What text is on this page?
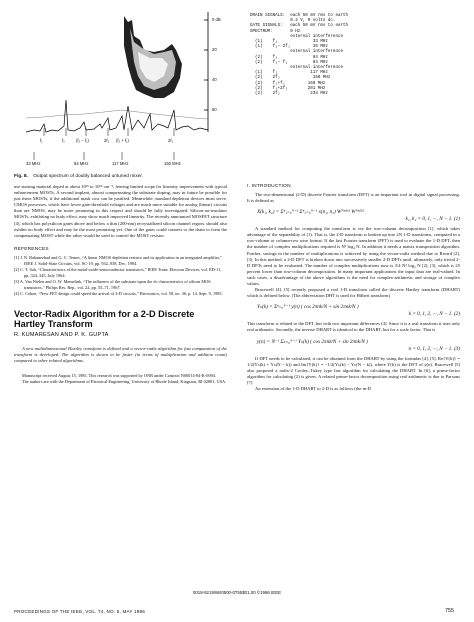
0 dB
20
40
60
f₁	f₂	(f₂ − f₁)	2f₂ (f₂ + f₁)	2f₁
33 MHz	84 MHz	117 MHz	150 MHz
DRAIN SIGNALS:  each 50 mV rms to earth
0.4 V, 0 volts dc.
GATE SIGNALS:   each 50 mV rms to earth
SPECTRUM:       0 Hz
external interference
(1)    f₁              33 MHz
(1)    f₂− 2f₁         35 MHz
external interference
(2)    f₂              84 MHz
(2)    f₂− f₁          84 MHz
external interference
(1)    f₂             117 MHz
(2)    2f₂             150 MHz
(2)    f₂+f₁         168 MHz
(2)    f₁+2f₂        201 MHz
(2)    2f₂            234 MHz
Fig. 8. Output spectrum of doubly balanced untuned mixer.

use starting material doped at about 10¹⁵ to 10¹⁶ cm⁻³, leaving limited scope for linearity improvement with typical enhancement MOSTs. A second implant, almost compensating the substrate doping, may in future be possible for just these MOSTs, if the additional mask cost can be justified. Meanwhile, standard depletion devices must serve. CMOS processes, which have lower gate-threshold voltages and are much more suitable for analog (linear) circuits than are NMOS, may be more promising in this respect and should be fully investigated. Silicon-on-insulator MOSTs, exhibiting no body effect, may show much improved linearity. The recently announced MOSFET structure [4], which has polysilicon gates above and below a thin (200-nm) recrystallized silicon channel region, should also exhibit no body effect and may be the most promising yet. One of the gates could connect to the drain to form the compensating MOST while the other would be used to control the MOST resistor.

REFERENCES

[1] J. N. Babanezhad and G. C. Temes, “A linear NMOS depletion resistor and its application in an integrated amplifier,” IEEE J. Solid-State Circuits, vol. SC-19, pp. 932–938, Dec. 1984.

[2] C. T. Sah, “Characteristics of the metal-oxide-semiconductor transistors,” IEEE Trans. Electron Devices, vol. ED-11, pp. 324–345, July 1964.

[3] A. Van Nielen and O. W. Memelink, “The influence of the substrate upon the dc characteristics of silicon MOS transistors,” Philips Res. Rep., vol. 22, pp. 55–71, 1967.

[4] C. Cohen, “New FET design could speed the arrival of 3-D circuits,” Electronics, vol. 58, no. 36, p. 14, Sept. 9, 1985.

Vector-Radix Algorithm for a 2-D Discrete
Hartley Transform
R. KUMARESAN AND P. K. GUPTA

A new multidimensional Hartley transform is defined and a vector-radix algorithm for fast computation of the transform is developed. The algorithm is shown to be faster (in terms of multiplication and addition count) compared to other related algorithms.

Manuscript received August 15, 1985. This research was supported by ONR under Contract N00014-84-K-0094.

The authors are with the Department of Electrical Engineering, University of Rhode Island, Kingston, RI 02881, USA.

I. INTRODUCTION

The two-dimensional (2-D) discrete Fourier transform (DFT) is an important tool in digital signal processing. It is defined as

X(k₁, k₂) = Σⁿ₁₌₀ᴺ⁻¹ Σⁿ₂₌₀ᴺ⁻¹ x(n₁, n₂) Wᴺⁿ¹ᵏ¹ Wᴺⁿ²ᵏ²
k₁, k₂ = 0, 1, ···, N − 1. (1)

A standard method for computing the transform is via the row-column decomposition [1], which takes advantage of the separability of (1). That is, the 2-D transform is broken up into 2N 1-D transforms, computed in a row-column or column-row wise format. If the fast Fourier transform (FFT) is used to evaluate the 1-D DFT, then the number of complex multiplications required is N² log₂ N. In addition it needs a matrix transposition algorithm. Further, savings in the number of multiplications is achieved by using the vector-radix method due to Rivard [2], [3]. In this method, a 2-D DFT is broken down into successively smaller 2-D DFTs until, ultimately, only trivial 2-D DFTs need to be evaluated. The number of complex multiplications now is 3/4 N² log₂ N [2], [3], which is 25 percent lower than row-column decomposition. In many important applications the input data are real-valued. In such cases, a disadvantage of the above algorithms is the need for complex-arithmetic and storage of complex values.

Bracewell [4], [5] recently proposed a real 1-D transform called the discrete Hartley transform (DHART) which is defined below. (The abbreviation DHT is used for Hilbert transform)

Yₕ(k) = Σⁿ₌₀ᴺ⁻¹ y(n) ( cos 2πnk/N + sin 2πnk/N )
k = 0, 1, 2, ···, N − 1. (2)

This transform is related to the DFT, but with two important differences [4]. Since it is a real transform it uses only real arithmetic. Secondly, the inverse DHART is identical to the DHART, but for a scale factor. That is

y(n) = N⁻¹ Σₖ₌₀ᴺ⁻¹ Yₕ(k) ( cos 2πnk/N + sin 2πnk/N )
n = 0, 1, 2, ···, N − 1. (3)

If DFT needs to be calculated, it can be obtained from the DHART by using the formulas [4], [5], Re{Y(k)} = 1/2(Yₕ(k) + Yₕ(N − k)) and Im{Y(k)} = −1/2(Yₕ(k) − Yₕ(N − k)), where Y(k) is the DFT of y(n). Bracewell [5] also proposed a radix-2 Cooley–Tukey type fast algorithm for calculating the DHART. In [6], a prime-factor algorithm for calculating (2) is given. A related prime-factor decomposition using real arithmetic is due to Parsons [7].

An extension of the 1-D DHART to 2-D is as follows (the m-D

0018-9219/86/0500-0755$01.00 ©1986 IEEE
PROCEEDINGS OF THE IEEE, VOL. 74, NO. 5, MAY 1986	755
